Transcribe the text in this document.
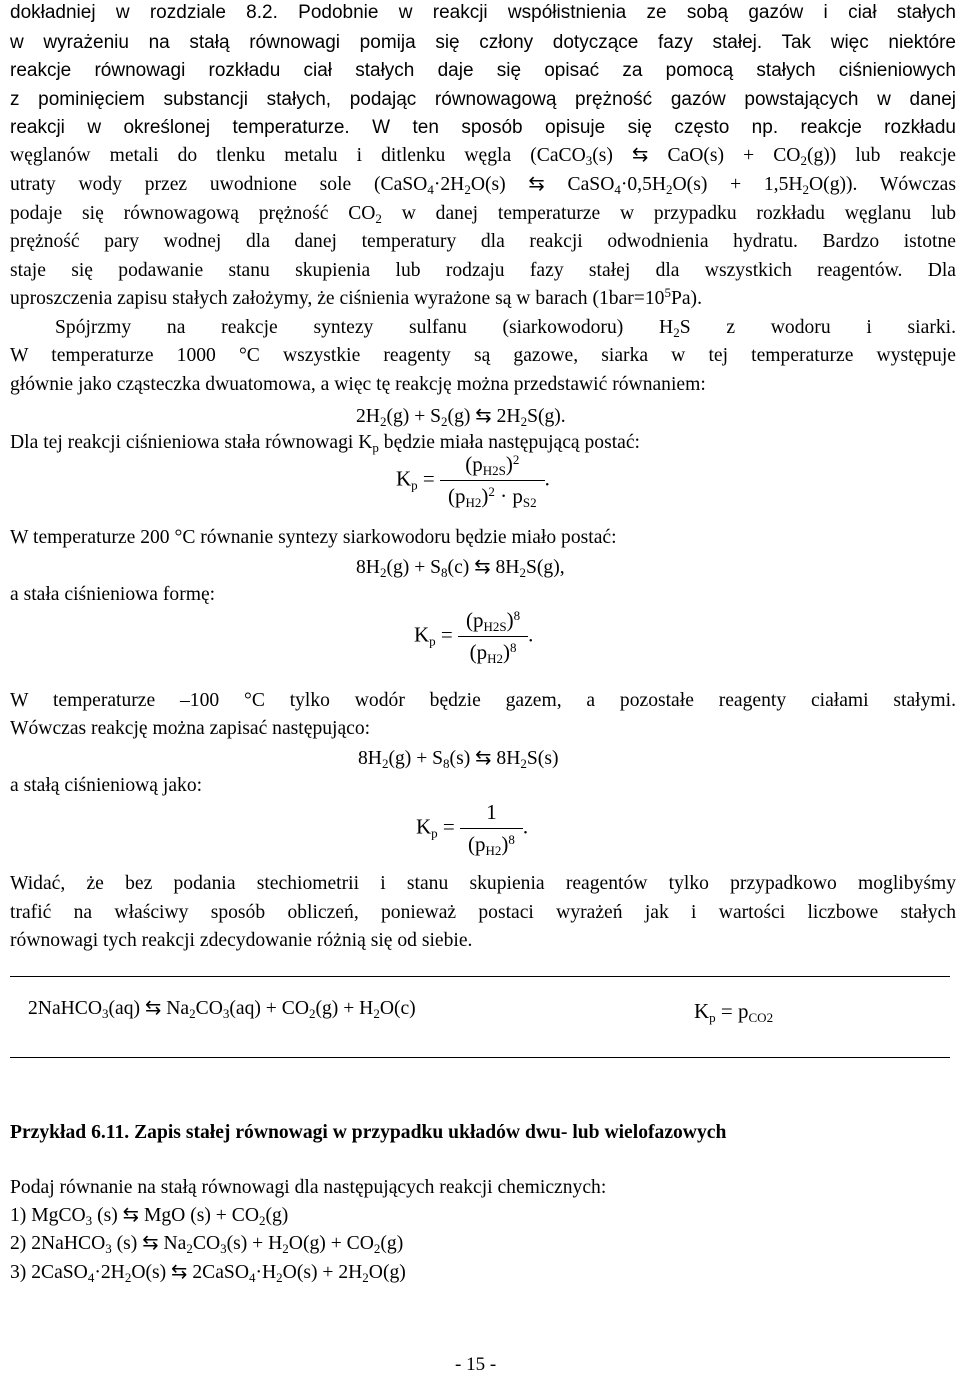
dokładniej w rozdziale 8.2. Podobnie w reakcji współistnienia ze sobą gazów i ciał stałych
w wyrażeniu na stałą równowagi pomija się człony dotyczące fazy stałej. Tak więc niektóre
reakcje równowagi rozkładu ciał stałych daje się opisać za pomocą stałych ciśnieniowych
z pominięciem substancji stałych, podając równowagową prężność gazów powstających w danej
reakcji w określonej temperaturze. W ten sposób opisuje się często np. reakcje rozkładu
węglanów metali do tlenku metalu i ditlenku węgla (CaCO$_3$(s) ⇆ $CaO(s) + CO_2(g)$) lub reakcje
utraty wody przez uwodnione sole ($CaSO_4\cdot 2H_2O(s)$ ⇆ $CaSO_4\cdot 0,5H_2O(s) + 1,5H_2O(g)$). Wówczas
podaje się równowagową prężność $CO_2$ w danej temperaturze w przypadku rozkładu węglanu lub
prężność pary wodnej dla danej temperatury dla reakcji odwodnienia hydratu. Bardzo istotne
staje się podawanie stanu skupienia lub rodzaju fazy stałej dla wszystkich reagentów. Dla
uproszczenia zapisu stałych założymy, że ciśnienia wyrażone są w barach $(1bar=10^5Pa)$.
Spójrzmy na reakcje syntezy sulfanu (siarkowodoru) $H_2S$ z wodoru i siarki.
W temperaturze 1000 °C wszystkie reagenty są gazowe, siarka w tej temperaturze występuje
głównie jako cząsteczka dwuatomowa, a więc tę reakcję można przedstawić równaniem:
$2H_2(g) + S_2(g)$ ⇆ $2H_2S(g)$.
Dla tej reakcji ciśnieniowa stała równowagi $K_p$ będzie miała następującą postać:
$K_p = \frac{(p_{H2S})^2}{(p_{H2})^2 \cdot p_{S2}}$ .
W temperaturze 200 °C równanie syntezy siarkowodoru będzie miało postać:
$8H_2(g) + S_8(c)$ ⇆ $8H_2S(g)$,
a stała ciśnieniowa formę:
$K_p = \frac{(p_{H2S})^8}{(p_{H2})^8}$ .
W temperaturze –100 °C tylko wodór będzie gazem, a pozostałe reagenty ciałami stałymi.
Wówczas reakcję można zapisać następująco:
$8H_2(g) + S_8(s)$ ⇆ $8H_2S(s)$
a stałą ciśnieniową jako:
$K_p = \frac{1}{(p_{H2})^8}$ .
Widać, że bez podania stechiometrii i stanu skupienia reagentów tylko przypadkowo moglibyśmy
trafić na właściwy sposób obliczeń, ponieważ postaci wyrażeń jak i wartości liczbowe stałych
równowagi tych reakcji zdecydowanie różnią się od siebie.
2NaHCO$_3$(aq) ⇆ $Na_2CO_3(aq) + CO_2(g) + H_2O(c)$	$K_p = p_{CO2}$
Przykład 6.11. Zapis stałej równowagi w przypadku układów dwu- lub wielofazowych
Podaj równanie na stałą równowagi dla następujących reakcji chemicznych:
1) MgCO$_3$ (s) ⇆ MgO $(s) + CO_2(g)$
2) 2NaHCO$_3$ (s) ⇆ $Na_2CO_3(s) + H_2O(g) + CO_2(g)$
3) $2CaSO_4\cdot 2H_2O(s)$ ⇆ $2CaSO_4\cdot H_2O(s) + 2H_2O(g)$
- 15 -
